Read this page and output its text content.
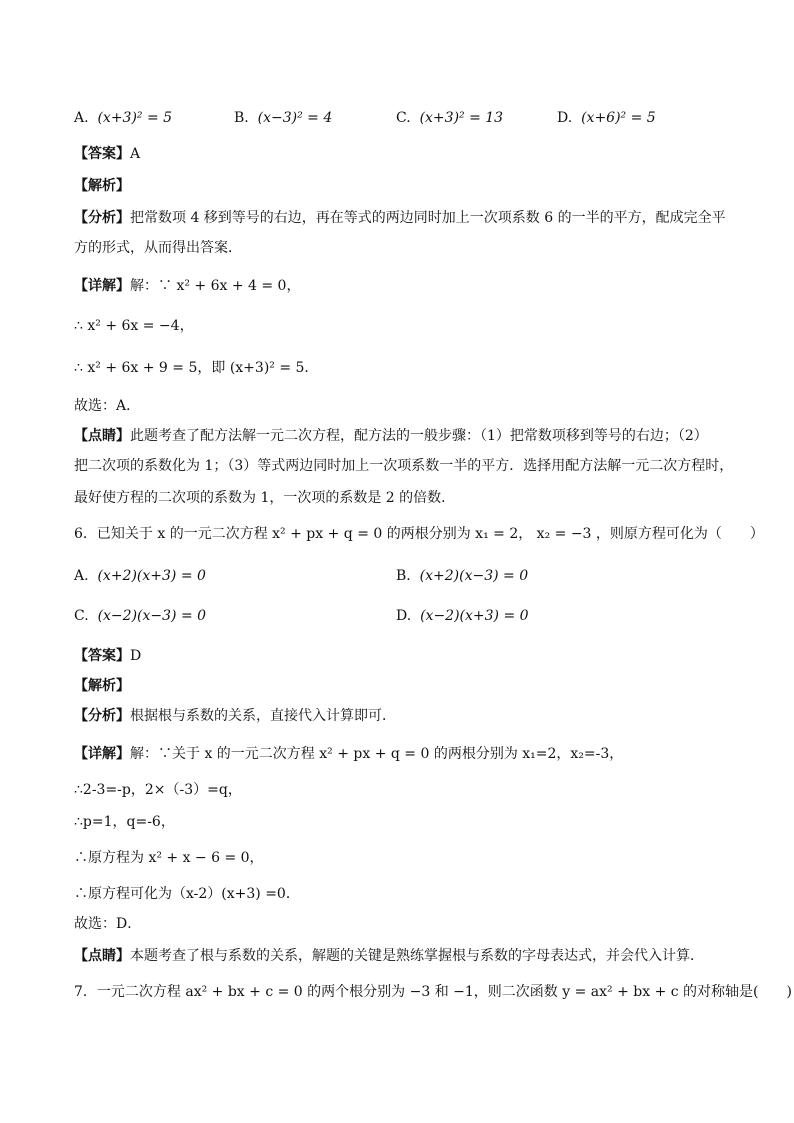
A. (x+3)² = 5	B. (x−3)² = 4	C. (x+3)² = 13	D. (x+6)² = 5
【答案】A
【解析】
【分析】把常数项 4 移到等号的右边，再在等式的两边同时加上一次项系数 6 的一半的平方，配成完全平
方的形式，从而得出答案．
【详解】解：∵ x² + 6x + 4 = 0，
∴ x² + 6x = −4，
∴ x² + 6x + 9 = 5，即 (x+3)² = 5．
故选：A．
【点睛】此题考查了配方法解一元二次方程，配方法的一般步骤：（1）把常数项移到等号的右边；（2）
把二次项的系数化为 1；（3）等式两边同时加上一次项系数一半的平方．选择用配方法解一元二次方程时，
最好使方程的二次项的系数为 1，一次项的系数是 2 的倍数．
6．已知关于 x 的一元二次方程 x² + px + q = 0 的两根分别为 x₁ = 2， x₂ = −3 ，则原方程可化为（　　）
A. (x+2)(x+3) = 0	B. (x+2)(x−3) = 0
C. (x−2)(x−3) = 0	D. (x−2)(x+3) = 0
【答案】D
【解析】
【分析】根据根与系数的关系，直接代入计算即可．
【详解】解：∵关于 x 的一元二次方程 x² + px + q = 0 的两根分别为 x₁=2，x₂=-3，
∴2-3=-p，2×（-3）=q，
∴p=1，q=-6，
∴原方程为 x² + x − 6 = 0，
∴原方程可化为（x-2）(x+3) =0．
故选：D．
【点睛】本题考查了根与系数的关系，解题的关键是熟练掌握根与系数的字母表达式，并会代入计算．
7．一元二次方程 ax² + bx + c = 0 的两个根分别为 −3 和 −1，则二次函数 y = ax² + bx + c 的对称轴是(　　)
